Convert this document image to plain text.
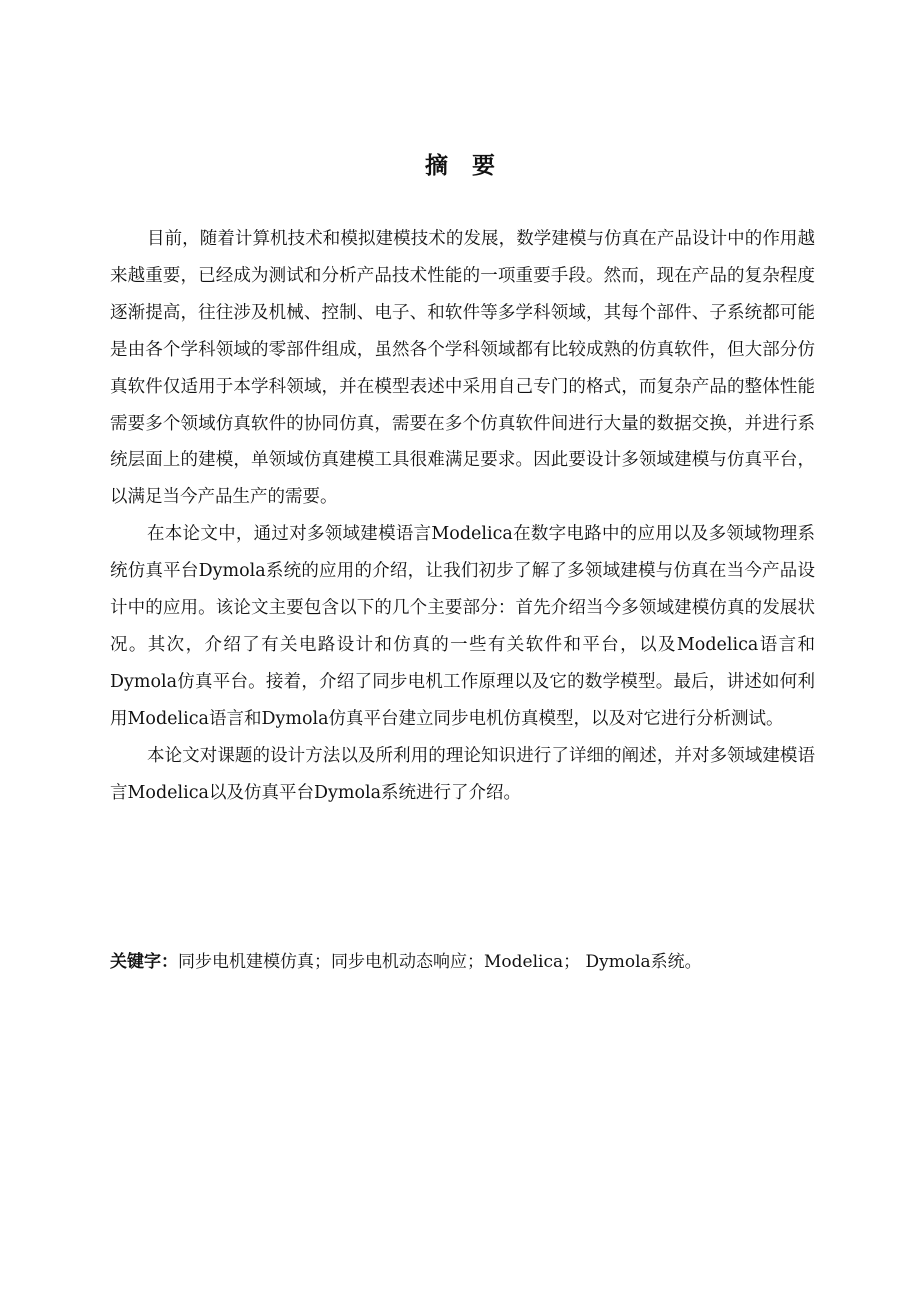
摘要

目前，随着计算机技术和模拟建模技术的发展，数学建模与仿真在产品设计中的作用越来越重要，已经成为测试和分析产品技术性能的一项重要手段。然而，现在产品的复杂程度逐渐提高，往往涉及机械、控制、电子、和软件等多学科领域，其每个部件、子系统都可能是由各个学科领域的零部件组成，虽然各个学科领域都有比较成熟的仿真软件，但大部分仿真软件仅适用于本学科领域，并在模型表述中采用自己专门的格式，而复杂产品的整体性能需要多个领域仿真软件的协同仿真，需要在多个仿真软件间进行大量的数据交换，并进行系统层面上的建模，单领域仿真建模工具很难满足要求。因此要设计多领域建模与仿真平台，以满足当今产品生产的需要。

在本论文中，通过对多领域建模语言Modelica在数字电路中的应用以及多领域物理系统仿真平台Dymola系统的应用的介绍，让我们初步了解了多领域建模与仿真在当今产品设计中的应用。该论文主要包含以下的几个主要部分：首先介绍当今多领域建模仿真的发展状况。其次，介绍了有关电路设计和仿真的一些有关软件和平台，以及Modelica语言和Dymola仿真平台。接着，介绍了同步电机工作原理以及它的数学模型。最后，讲述如何利用Modelica语言和Dymola仿真平台建立同步电机仿真模型，以及对它进行分析测试。

本论文对课题的设计方法以及所利用的理论知识进行了详细的阐述，并对多领域建模语言Modelica以及仿真平台Dymola系统进行了介绍。

关键字：同步电机建模仿真；同步电机动态响应；Modelica； Dymola系统。
